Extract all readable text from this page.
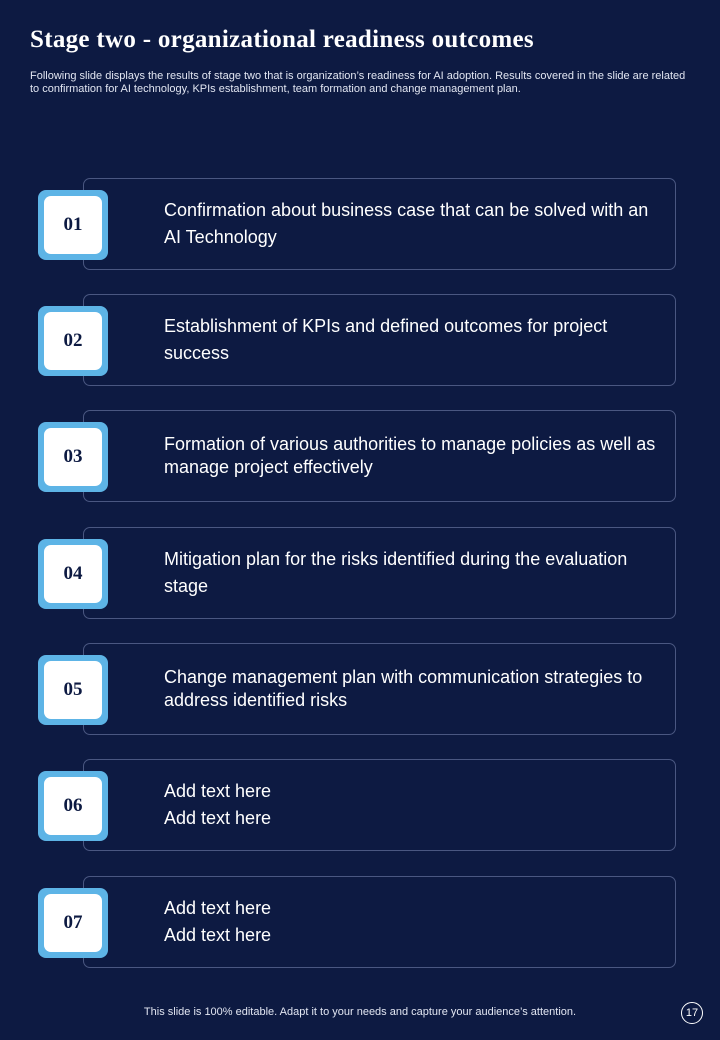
Stage two - organizational readiness outcomes

Following slide displays the results of stage two that is organization’s readiness for AI adoption. Results covered in the slide are related to confirmation for AI technology, KPIs establishment, team formation and change management plan.

Confirmation about business case that can be solved with an AI Technology
01
Establishment of KPIs and defined outcomes for project success
02
Formation of various authorities to manage policies as well as manage project effectively
03
Mitigation plan for the risks identified during the evaluation stage
04
Change management plan with communication strategies to address identified risks
05
Add text here
Add text here
06
Add text here
Add text here
07
This slide is 100% editable. Adapt it to your needs and capture your audience’s attention.	17
